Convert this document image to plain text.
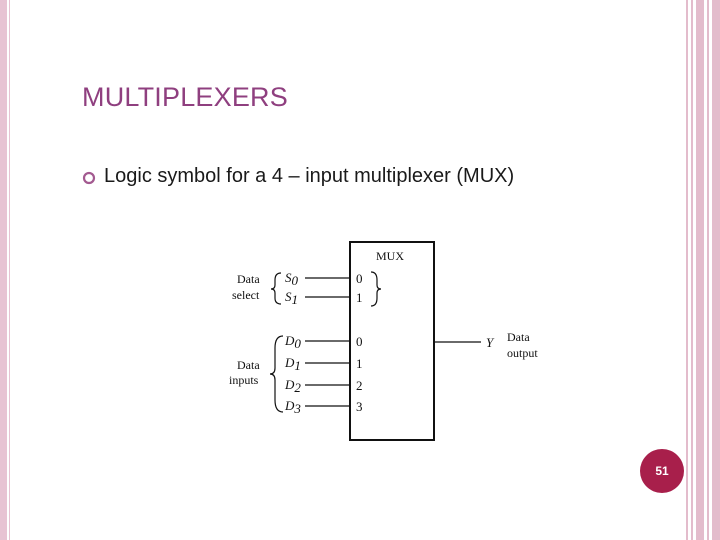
MULTIPLEXERS
Logic symbol for a 4 – input multiplexer (MUX)
MUX
Data
select
Data
inputs
S0	0
S1	1
D0	0
D1	1
D2	2
D3	3
Y Data
output
51
